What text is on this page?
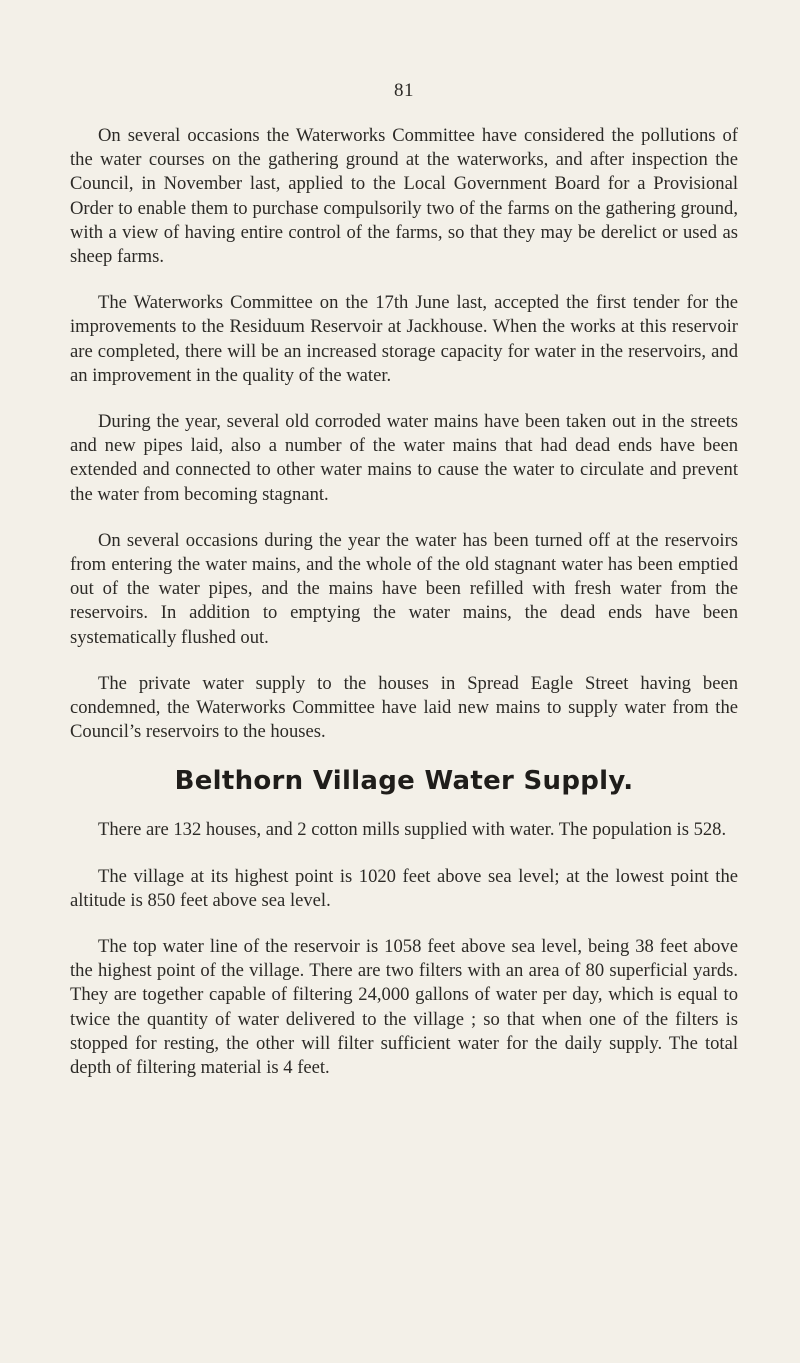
81

On several occasions the Waterworks Committee have considered the pollutions of the water courses on the gathering ground at the waterworks, and after inspection the Council, in November last, applied to the Local Government Board for a Provisional Order to enable them to purchase compulsorily two of the farms on the gathering ground, with a view of having entire control of the farms, so that they may be derelict or used as sheep farms.

The Waterworks Committee on the 17th June last, accepted the first tender for the improvements to the Residuum Reservoir at Jackhouse. When the works at this reservoir are completed, there will be an increased storage capacity for water in the reservoirs, and an improvement in the quality of the water.

During the year, several old corroded water mains have been taken out in the streets and new pipes laid, also a number of the water mains that had dead ends have been extended and connected to other water mains to cause the water to circulate and prevent the water from becoming stagnant.

On several occasions during the year the water has been turned off at the reservoirs from entering the water mains, and the whole of the old stagnant water has been emptied out of the water pipes, and the mains have been refilled with fresh water from the reservoirs. In addition to emptying the water mains, the dead ends have been systematically flushed out.

The private water supply to the houses in Spread Eagle Street having been condemned, the Waterworks Committee have laid new mains to supply water from the Council’s reservoirs to the houses.

Belthorn Village Water Supply.

There are 132 houses, and 2 cotton mills supplied with water. The population is 528.

The village at its highest point is 1020 feet above sea level; at the lowest point the altitude is 850 feet above sea level.

The top water line of the reservoir is 1058 feet above sea level, being 38 feet above the highest point of the village. There are two filters with an area of 80 superficial yards. They are together capable of filtering 24,000 gallons of water per day, which is equal to twice the quantity of water delivered to the village ; so that when one of the filters is stopped for resting, the other will filter sufficient water for the daily supply. The total depth of filtering material is 4 feet.
